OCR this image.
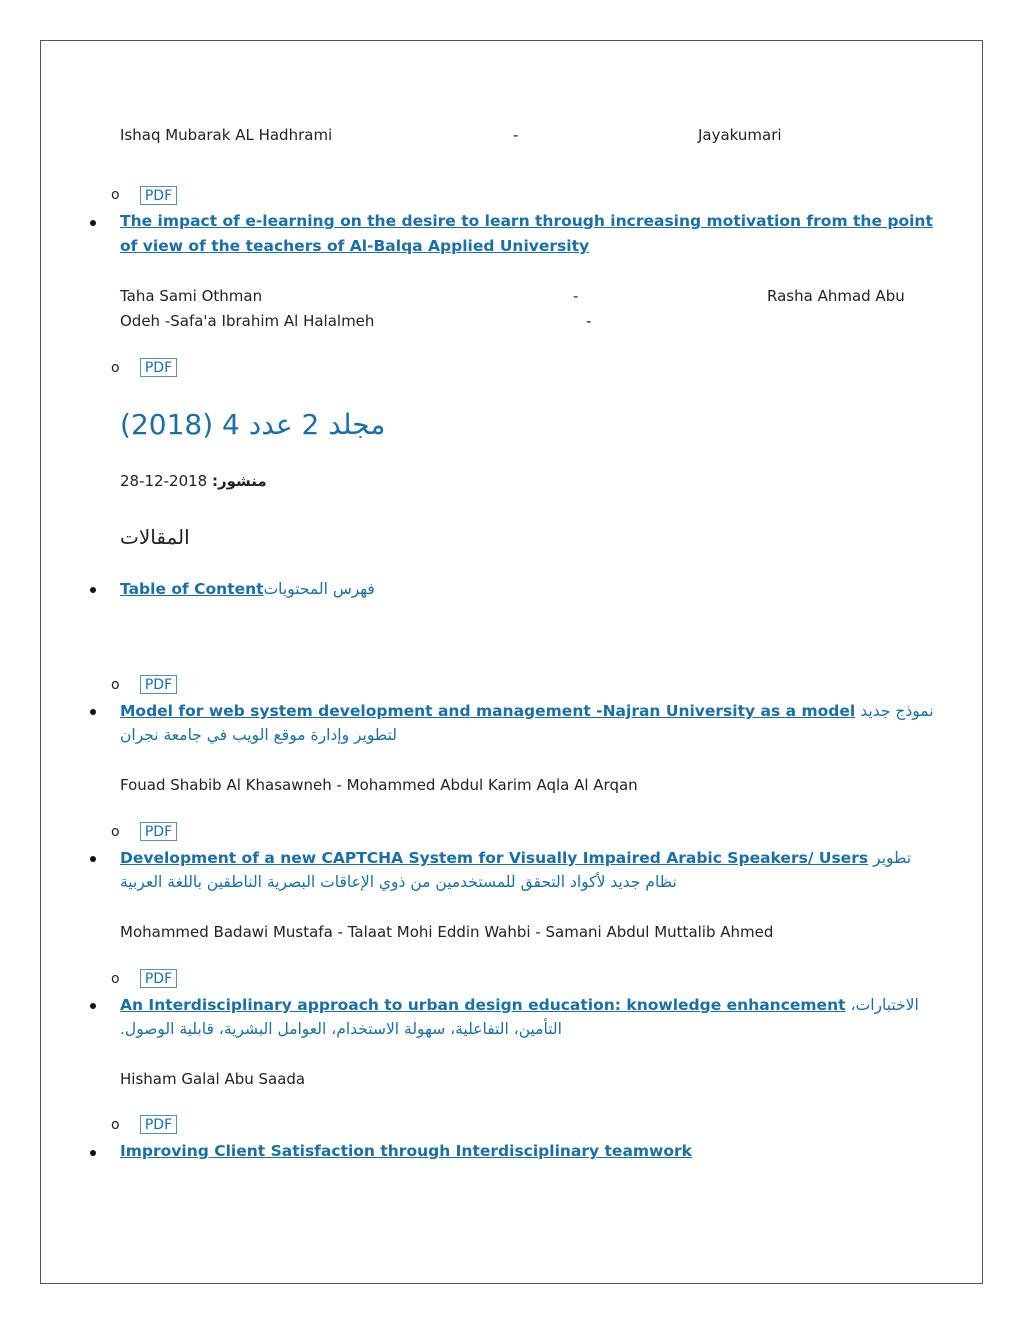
Ishaq Mubarak AL Hadhrami	-	Jayakumari
o	PDF
The impact of e-learning on the desire to learn through increasing motivation from the point
of view of the teachers of Al-Balqa Applied University
Taha Sami Othman	-	Rasha Ahmad Abu
Odeh -Safa'a Ibrahim Al Halalmeh	-
o	PDF
مجلد 2 عدد 4 (2018)
منشور: 2018-12-28
المقالات
Table of Contentفهرس المحتويات
o	PDF
Model for web system development and management -Najran University as a model نموذج جديد
لتطوير وإدارة موقع الويب في جامعة نجران
Fouad Shabib Al Khasawneh - Mohammed Abdul Karim Aqla Al Arqan
o	PDF
Development of a new CAPTCHA System for Visually Impaired Arabic Speakers/ Users تطوير
نظام جديد لأكواد التحقق للمستخدمين من ذوي الإعاقات البصرية الناطقين باللغة العربية
Mohammed Badawi Mustafa - Talaat Mohi Eddin Wahbi - Samani Abdul Muttalib Ahmed
o	PDF
An Interdisciplinary approach to urban design education: knowledge enhancement ،الاختبارات
التأمين، التفاعلية، سهولة الاستخدام، العوامل البشرية، قابلية الوصول.
Hisham Galal Abu Saada
o	PDF
Improving Client Satisfaction through Interdisciplinary teamwork
